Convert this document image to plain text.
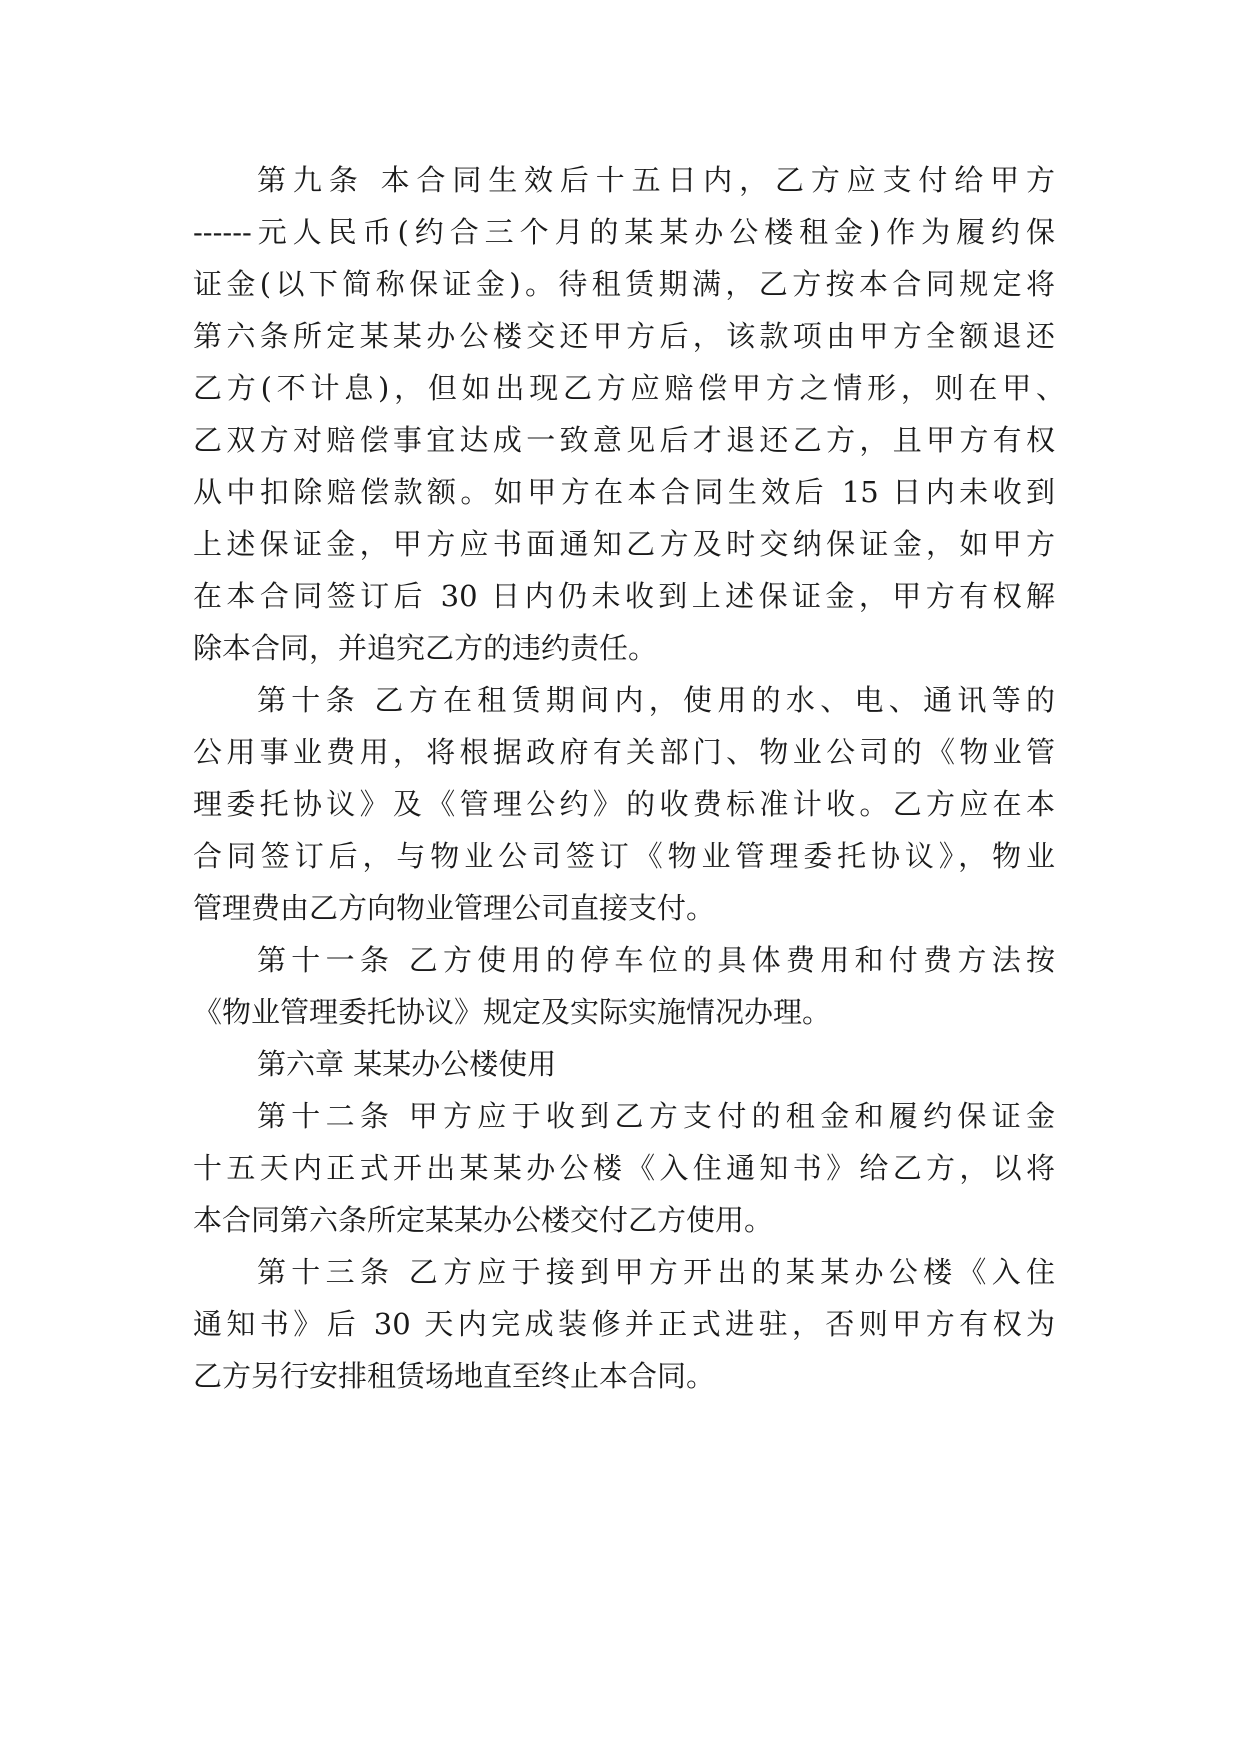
第九条 本合同生效后十五日内，乙方应支付给甲方
------元人民币(约合三个月的某某办公楼租金)作为履约保
证金(以下简称保证金)。待租赁期满，乙方按本合同规定将
第六条所定某某办公楼交还甲方后，该款项由甲方全额退还
乙方(不计息)，但如出现乙方应赔偿甲方之情形，则在甲、
乙双方对赔偿事宜达成一致意见后才退还乙方，且甲方有权
从中扣除赔偿款额。如甲方在本合同生效后 15 日内未收到
上述保证金，甲方应书面通知乙方及时交纳保证金，如甲方
在本合同签订后 30 日内仍未收到上述保证金，甲方有权解
除本合同，并追究乙方的违约责任。
第十条 乙方在租赁期间内，使用的水、电、通讯等的
公用事业费用，将根据政府有关部门、物业公司的《物业管
理委托协议》及《管理公约》的收费标准计收。乙方应在本
合同签订后，与物业公司签订《物业管理委托协议》，物业
管理费由乙方向物业管理公司直接支付。
第十一条 乙方使用的停车位的具体费用和付费方法按
《物业管理委托协议》规定及实际实施情况办理。
第六章 某某办公楼使用
第十二条 甲方应于收到乙方支付的租金和履约保证金
十五天内正式开出某某办公楼《入住通知书》给乙方，以将
本合同第六条所定某某办公楼交付乙方使用。
第十三条 乙方应于接到甲方开出的某某办公楼《入住
通知书》后 30 天内完成装修并正式进驻，否则甲方有权为
乙方另行安排租赁场地直至终止本合同。
